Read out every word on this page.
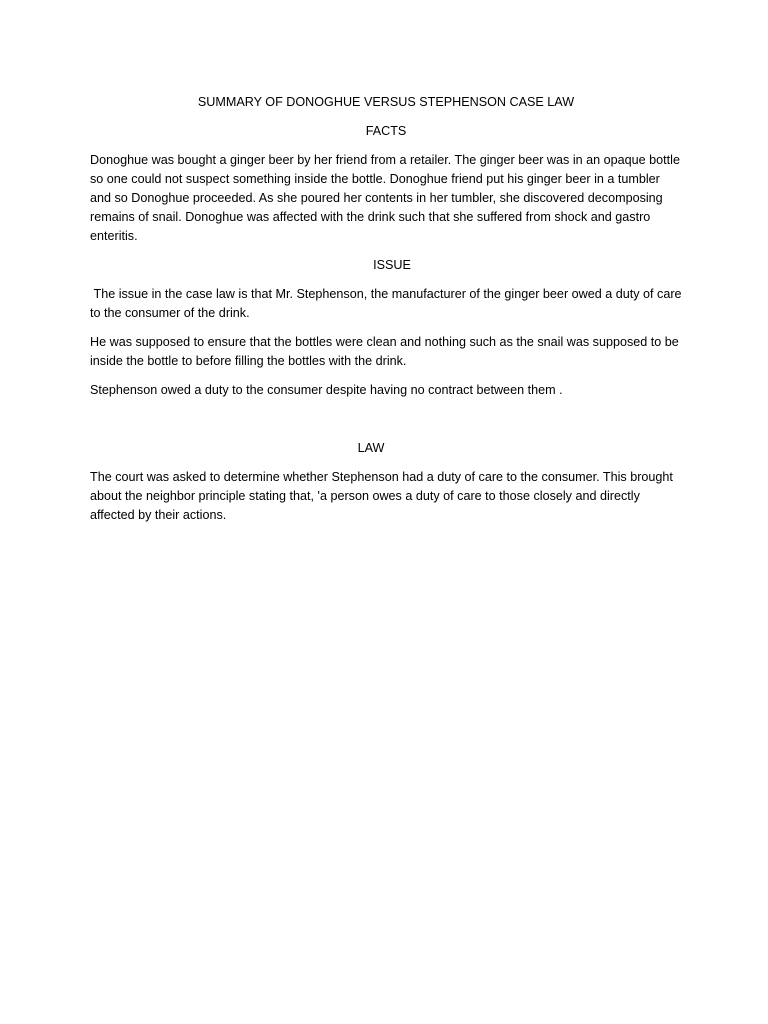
SUMMARY OF DONOGHUE VERSUS STEPHENSON CASE LAW
FACTS

Donoghue was bought a ginger beer by her friend from a retailer. The ginger beer was in an opaque bottle so one could not suspect something inside the bottle. Donoghue friend put his ginger beer in a tumbler and so Donoghue proceeded. As she poured her contents in her tumbler, she discovered decomposing remains of snail. Donoghue was affected with the drink such that she suffered from shock and gastro enteritis.

ISSUE

The issue in the case law is that Mr. Stephenson, the manufacturer of the ginger beer owed a duty of care to the consumer of the drink.

He was supposed to ensure that the bottles were clean and nothing such as the snail was supposed to be inside the bottle to before filling the bottles with the drink.

Stephenson owed a duty to the consumer despite having no contract between them .

LAW

The court was asked to determine whether Stephenson had a duty of care to the consumer. This brought about the neighbor principle stating that, 'a person owes a duty of care to those closely and directly affected by their actions.
